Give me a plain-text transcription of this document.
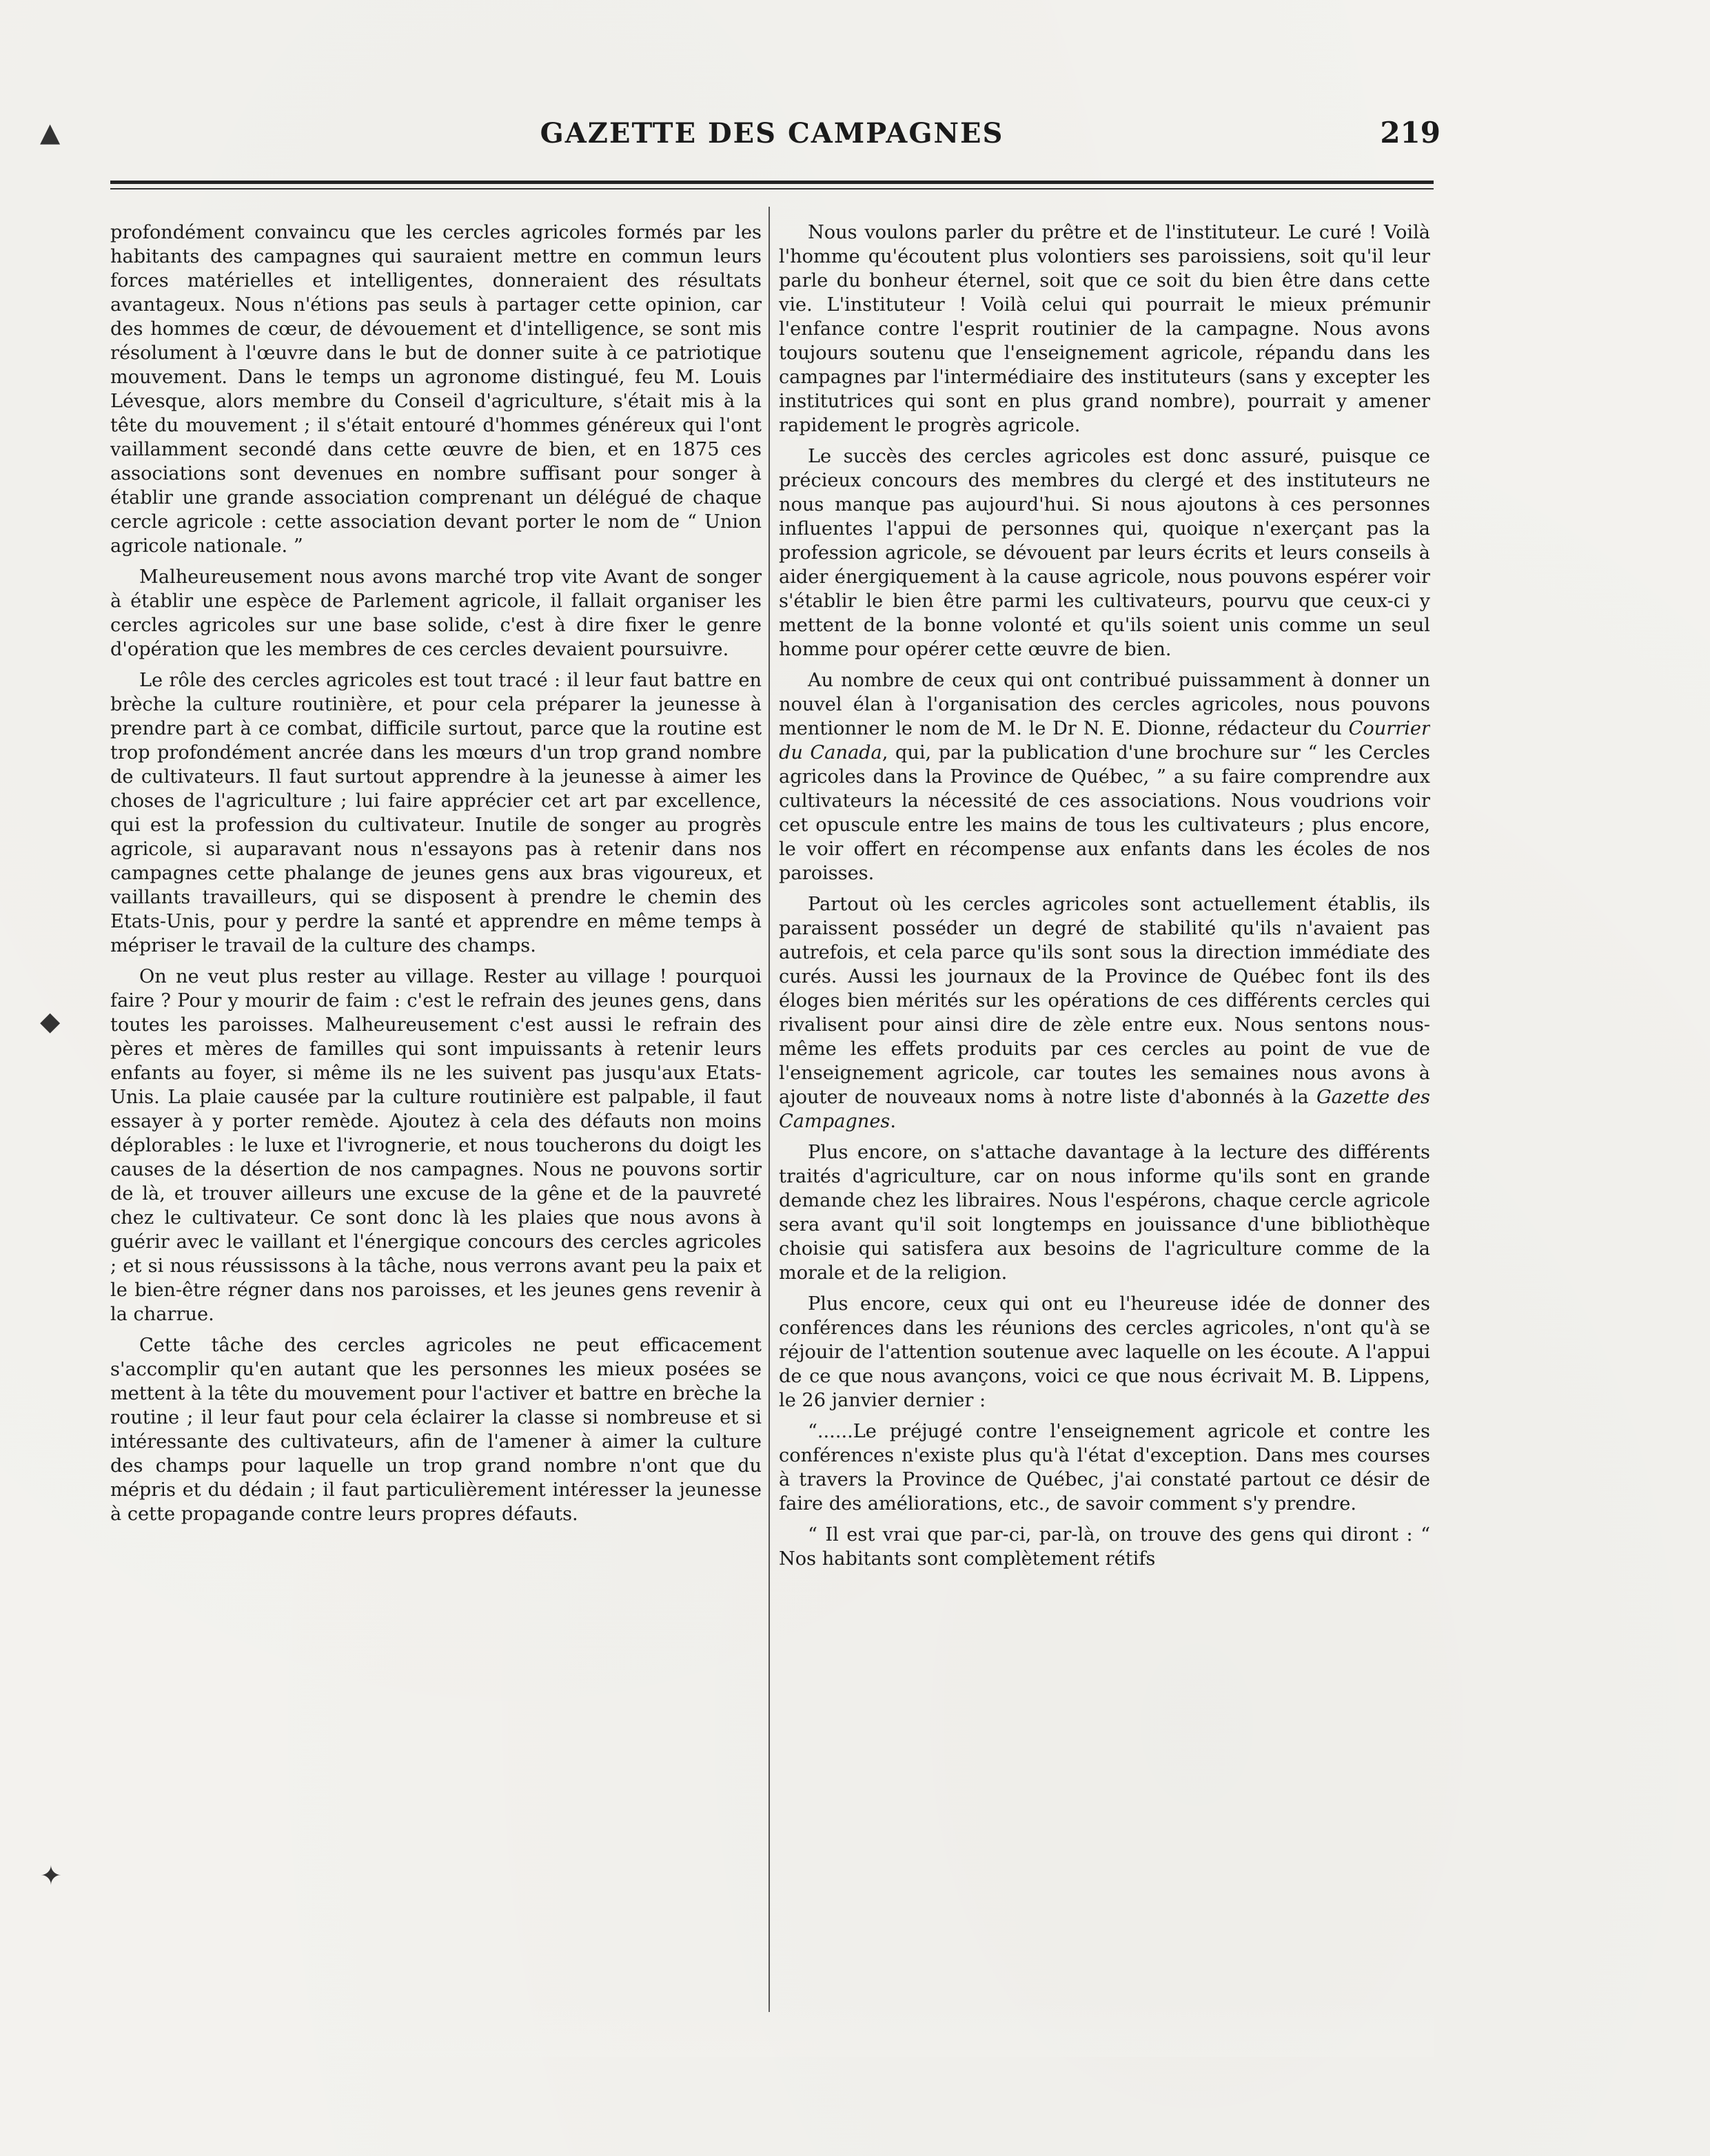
GAZETTE DES CAMPAGNES	219

profondément convaincu que les cercles agricoles formés par les habitants des campagnes qui sauraient mettre en commun leurs forces matérielles et intelligentes, donneraient des résultats avantageux. Nous n'étions pas seuls à partager cette opinion, car des hommes de cœur, de dévouement et d'intelligence, se sont mis résolument à l'œuvre dans le but de donner suite à ce patriotique mouvement. Dans le temps un agronome distingué, feu M. Louis Lévesque, alors membre du Conseil d'agriculture, s'était mis à la tête du mouvement ; il s'était entouré d'hommes généreux qui l'ont vaillamment secondé dans cette œuvre de bien, et en 1875 ces associations sont devenues en nombre suffisant pour songer à établir une grande association comprenant un délégué de chaque cercle agricole : cette association devant porter le nom de “ Union agricole nationale. ”

Malheureusement nous avons marché trop vite Avant de songer à établir une espèce de Parlement agricole, il fallait organiser les cercles agricoles sur une base solide, c'est à dire fixer le genre d'opération que les membres de ces cercles devaient poursuivre.

Le rôle des cercles agricoles est tout tracé : il leur faut battre en brèche la culture routinière, et pour cela préparer la jeunesse à prendre part à ce combat, difficile surtout, parce que la routine est trop profondément ancrée dans les mœurs d'un trop grand nombre de cultivateurs. Il faut surtout apprendre à la jeunesse à aimer les choses de l'agriculture ; lui faire apprécier cet art par excellence, qui est la profession du cultivateur. Inutile de songer au progrès agricole, si auparavant nous n'essayons pas à retenir dans nos campagnes cette phalange de jeunes gens aux bras vigoureux, et vaillants travailleurs, qui se disposent à prendre le chemin des Etats-Unis, pour y perdre la santé et apprendre en même temps à mépriser le travail de la culture des champs.

On ne veut plus rester au village. Rester au village ! pourquoi faire ? Pour y mourir de faim : c'est le refrain des jeunes gens, dans toutes les paroisses. Malheureusement c'est aussi le refrain des pères et mères de familles qui sont impuissants à retenir leurs enfants au foyer, si même ils ne les suivent pas jusqu'aux Etats-Unis. La plaie causée par la culture routinière est palpable, il faut essayer à y porter remède. Ajoutez à cela des défauts non moins déplorables : le luxe et l'ivrognerie, et nous toucherons du doigt les causes de la désertion de nos campagnes. Nous ne pouvons sortir de là, et trouver ailleurs une excuse de la gêne et de la pauvreté chez le cultivateur. Ce sont donc là les plaies que nous avons à guérir avec le vaillant et l'énergique concours des cercles agricoles ; et si nous réussissons à la tâche, nous verrons avant peu la paix et le bien-être régner dans nos paroisses, et les jeunes gens revenir à la charrue.

Cette tâche des cercles agricoles ne peut efficacement s'accomplir qu'en autant que les personnes les mieux posées se mettent à la tête du mouvement pour l'activer et battre en brèche la routine ; il leur faut pour cela éclairer la classe si nombreuse et si intéressante des cultivateurs, afin de l'amener à aimer la culture des champs pour laquelle un trop grand nombre n'ont que du mépris et du dédain ; il faut particulièrement intéresser la jeunesse à cette propagande contre leurs propres défauts.

Nous voulons parler du prêtre et de l'instituteur. Le curé ! Voilà l'homme qu'écoutent plus volontiers ses paroissiens, soit qu'il leur parle du bonheur éternel, soit que ce soit du bien être dans cette vie. L'instituteur ! Voilà celui qui pourrait le mieux prémunir l'enfance contre l'esprit routinier de la campagne. Nous avons toujours soutenu que l'enseignement agricole, répandu dans les campagnes par l'intermédiaire des instituteurs (sans y excepter les institutrices qui sont en plus grand nombre), pourrait y amener rapidement le progrès agricole.

Le succès des cercles agricoles est donc assuré, puisque ce précieux concours des membres du clergé et des instituteurs ne nous manque pas aujourd'hui. Si nous ajoutons à ces personnes influentes l'appui de personnes qui, quoique n'exerçant pas la profession agricole, se dévouent par leurs écrits et leurs conseils à aider énergiquement à la cause agricole, nous pouvons espérer voir s'établir le bien être parmi les cultivateurs, pourvu que ceux-ci y mettent de la bonne volonté et qu'ils soient unis comme un seul homme pour opérer cette œuvre de bien.

Au nombre de ceux qui ont contribué puissamment à donner un nouvel élan à l'organisation des cercles agricoles, nous pouvons mentionner le nom de M. le Dr N. E. Dionne, rédacteur du Courrier du Canada, qui, par la publication d'une brochure sur “ les Cercles agricoles dans la Province de Québec, ” a su faire comprendre aux cultivateurs la nécessité de ces associations. Nous voudrions voir cet opuscule entre les mains de tous les cultivateurs ; plus encore, le voir offert en récompense aux enfants dans les écoles de nos paroisses.

Partout où les cercles agricoles sont actuellement établis, ils paraissent posséder un degré de stabilité qu'ils n'avaient pas autrefois, et cela parce qu'ils sont sous la direction immédiate des curés. Aussi les journaux de la Province de Québec font ils des éloges bien mérités sur les opérations de ces différents cercles qui rivalisent pour ainsi dire de zèle entre eux. Nous sentons nous-même les effets produits par ces cercles au point de vue de l'enseignement agricole, car toutes les semaines nous avons à ajouter de nouveaux noms à notre liste d'abonnés à la Gazette des Campagnes.

Plus encore, on s'attache davantage à la lecture des différents traités d'agriculture, car on nous informe qu'ils sont en grande demande chez les libraires. Nous l'espérons, chaque cercle agricole sera avant qu'il soit longtemps en jouissance d'une bibliothèque choisie qui satisfera aux besoins de l'agriculture comme de la morale et de la religion.

Plus encore, ceux qui ont eu l'heureuse idée de donner des conférences dans les réunions des cercles agricoles, n'ont qu'à se réjouir de l'attention soutenue avec laquelle on les écoute. A l'appui de ce que nous avançons, voici ce que nous écrivait M. B. Lippens, le 26 janvier dernier :

“......Le préjugé contre l'enseignement agricole et contre les conférences n'existe plus qu'à l'état d'exception. Dans mes courses à travers la Province de Québec, j'ai constaté partout ce désir de faire des améliorations, etc., de savoir comment s'y prendre.

“ Il est vrai que par-ci, par-là, on trouve des gens qui diront : “ Nos habitants sont complètement rétifs

▲
◆
✦
